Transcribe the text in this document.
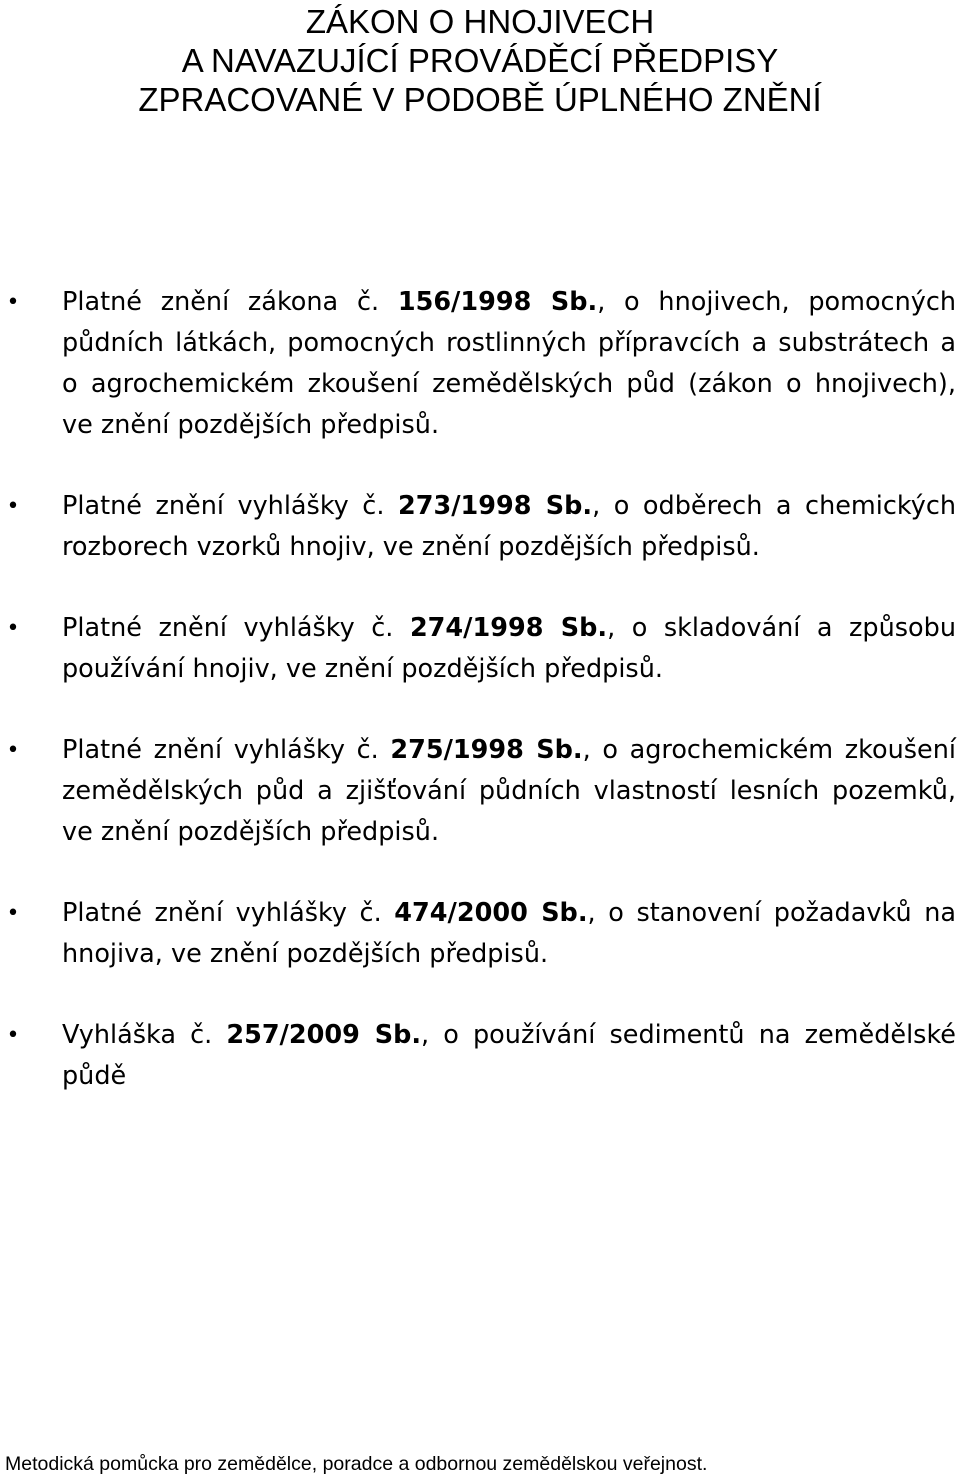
ZÁKON O HNOJIVECH
A NAVAZUJÍCÍ PROVÁDĚCÍ PŘEDPISY
ZPRACOVANÉ V PODOBĚ ÚPLNÉHO ZNĚNÍ
• Platné znění zákona č. 156/1998 Sb., o hnojivech, pomocných půdních látkách, pomocných rostlinných přípravcích a substrátech a o agrochemickém zkoušení zemědělských půd (zákon o hnojivech), ve znění pozdějších předpisů.
• Platné znění vyhlášky č. 273/1998 Sb., o odběrech a chemických rozborech vzorků hnojiv, ve znění pozdějších předpisů.
• Platné znění vyhlášky č. 274/1998 Sb., o skladování a způsobu používání hnojiv, ve znění pozdějších předpisů.
• Platné znění vyhlášky č. 275/1998 Sb., o agrochemickém zkoušení zemědělských půd a zjišťování půdních vlastností lesních pozemků, ve znění pozdějších předpisů.
• Platné znění vyhlášky č. 474/2000 Sb., o stanovení požadavků na hnojiva, ve znění pozdějších předpisů.
• Vyhláška č. 257/2009 Sb., o používání sedimentů na zemědělské půdě
Metodická pomůcka pro zemědělce, poradce a odbornou zemědělskou veřejnost.
